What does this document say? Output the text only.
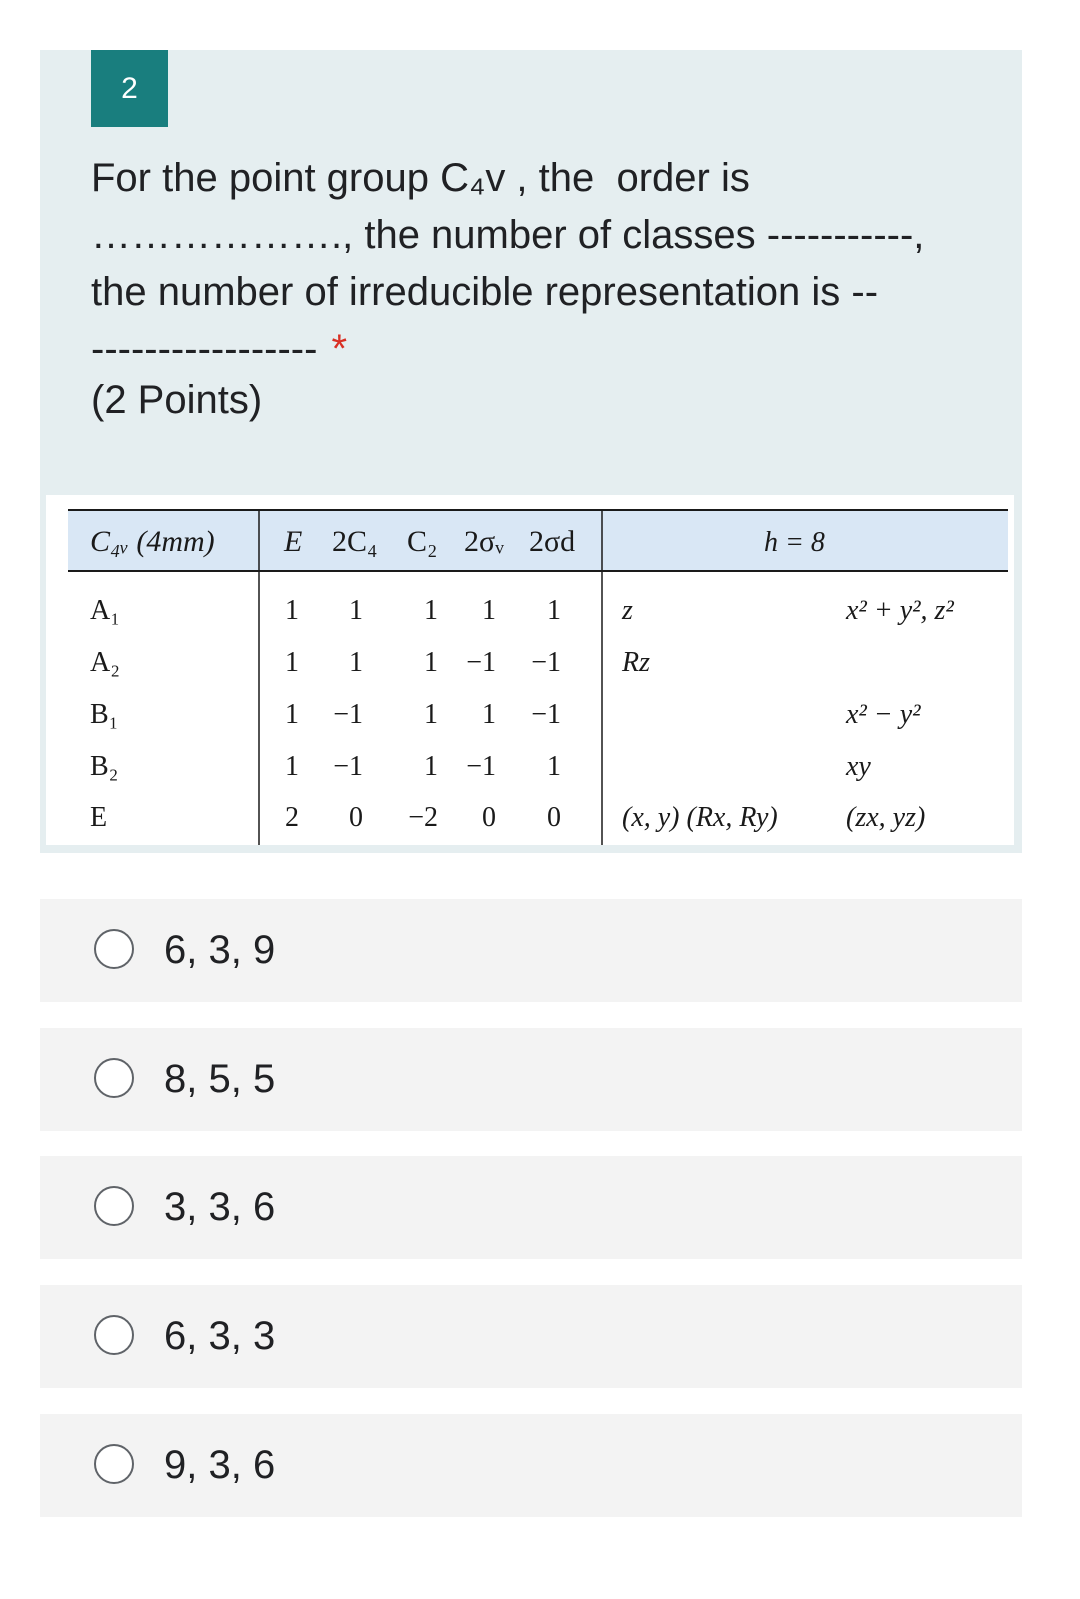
2
For the point group C₄v , the  order is
………………., the number of classes -----------,
the number of irreducible representation is --
----------------- *
(2 Points)
C₄ᵥ (4mm) E 2C₄ C₂ 2σᵥ 2σd	h = 8
A₁
A₂
B₁
B₂
E
1 1 1 1 1
1 1 1 −1 −1
1 −1 1 1 −1
1 −1 1 −1 1
2 0 −2 0 0
z
Rz
(x, y) (Rx, Ry)
x² + y², z²
x² − y²
xy
(zx, yz)
6, 3, 9
8, 5, 5
3, 3, 6
6, 3, 3
9, 3, 6
